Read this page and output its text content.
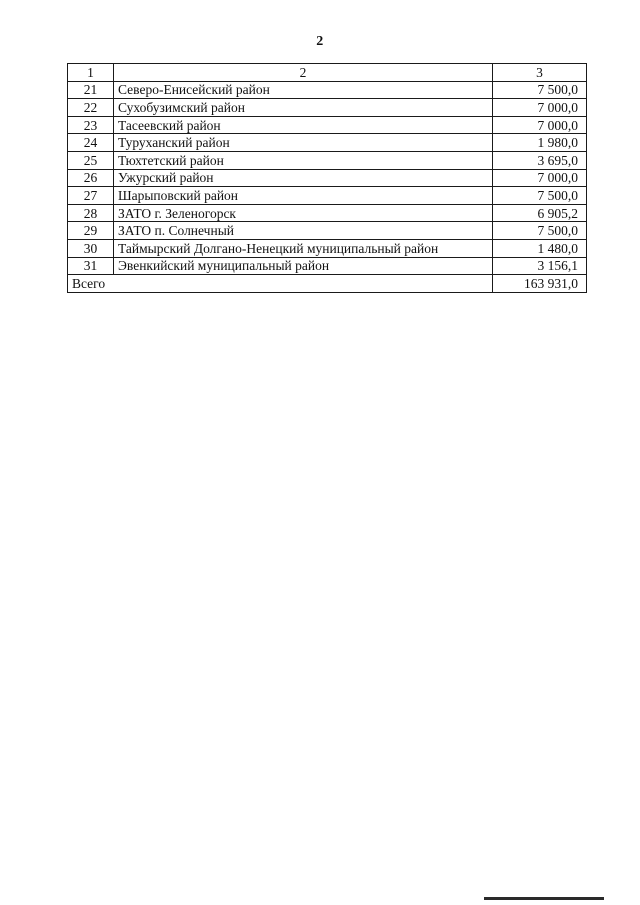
2
1	2	3
21	Северо-Енисейский район	7 500,0
22	Сухобузимский район	7 000,0
23	Тасеевский район	7 000,0
24	Туруханский район	1 980,0
25	Тюхтетский район	3 695,0
26	Ужурский район	7 000,0
27	Шарыповский район	7 500,0
28	ЗАТО г. Зеленогорск	6 905,2
29	ЗАТО п. Солнечный	7 500,0
30	Таймырский Долгано-Ненецкий муниципальный район	1 480,0
31	Эвенкийский муниципальный район	3 156,1
Всего		163 931,0
